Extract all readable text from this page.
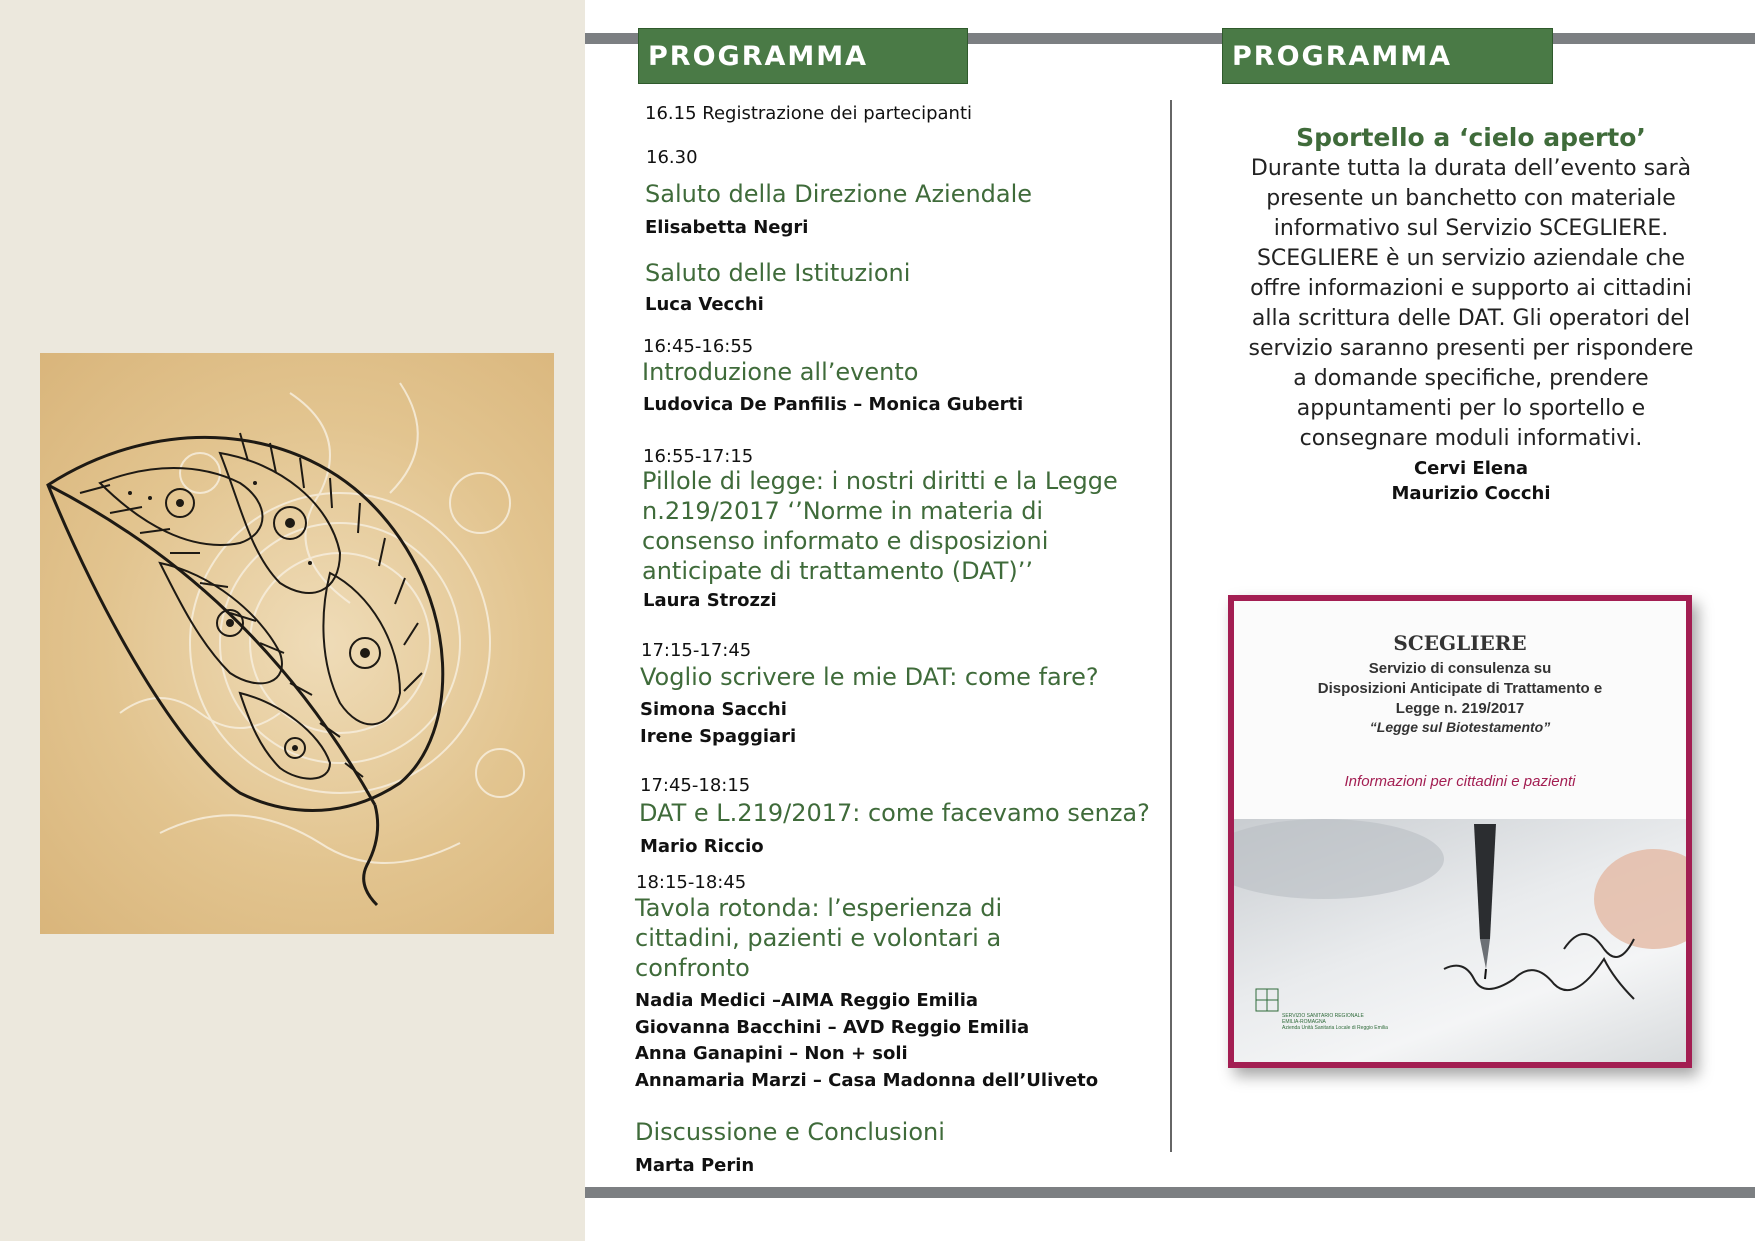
PROGRAMMA	PROGRAMMA
16.15 Registrazione dei partecipanti
16.30
Saluto della Direzione Aziendale
Elisabetta Negri
Saluto delle Istituzioni
Luca Vecchi
16:45-16:55
Introduzione all’evento
Ludovica De Panfilis – Monica Guberti
16:55-17:15
Pillole di legge: i nostri diritti e la Legge n.219/2017 ‘’Norme in materia di consenso informato e disposizioni anticipate di trattamento (DAT)’’
Laura Strozzi
17:15-17:45
Voglio scrivere le mie DAT: come fare?
Simona Sacchi
Irene Spaggiari
17:45-18:15
DAT e L.219/2017: come facevamo senza?
Mario Riccio
18:15-18:45
Tavola rotonda: l’esperienza di cittadini, pazienti e volontari a confronto
Nadia Medici –AIMA Reggio Emilia
Giovanna Bacchini – AVD Reggio Emilia
Anna Ganapini – Non + soli
Annamaria Marzi – Casa Madonna dell’Uliveto
Discussione e Conclusioni
Marta Perin
Sportello a ‘cielo aperto’
Durante tutta la durata dell’evento sarà
presente un banchetto con materiale
informativo sul Servizio SCEGLIERE.
SCEGLIERE è un servizio aziendale che
offre informazioni e supporto ai cittadini
alla scrittura delle DAT. Gli operatori del
servizio saranno presenti per rispondere
a domande specifiche, prendere
appuntamenti per lo sportello e
consegnare moduli informativi.
Cervi Elena
Maurizio Cocchi
SCEGLIERE
Servizio di consulenza su
Disposizioni Anticipate di Trattamento e
Legge n. 219/2017
“Legge sul Biotestamento”
Informazioni per cittadini e pazienti
SERVIZIO SANITARIO REGIONALE
EMILIA-ROMAGNA
Azienda Unità Sanitaria Locale di Reggio Emilia
